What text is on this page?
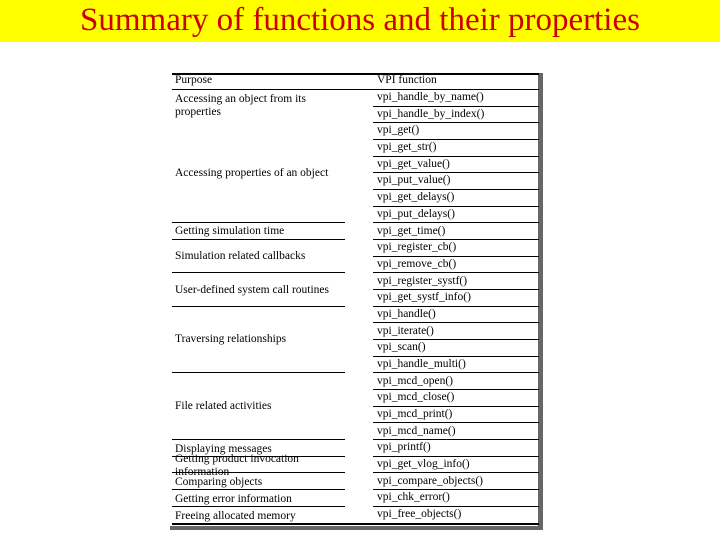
Summary of functions and their properties
Purpose	VPI function
Accessing an object from its properties
Accessing properties of an object
Getting simulation time
Simulation related callbacks
User-defined system call routines
Traversing relationships
File related activities
Displaying messages
Getting product invocation information
Comparing objects
Getting error information
Freeing allocated memory
vpi_handle_by_name()
vpi_handle_by_index()
vpi_get()
vpi_get_str()
vpi_get_value()
vpi_put_value()
vpi_get_delays()
vpi_put_delays()
vpi_get_time()
vpi_register_cb()
vpi_remove_cb()
vpi_register_systf()
vpi_get_systf_info()
vpi_handle()
vpi_iterate()
vpi_scan()
vpi_handle_multi()
vpi_mcd_open()
vpi_mcd_close()
vpi_mcd_print()
vpi_mcd_name()
vpi_printf()
vpi_get_vlog_info()
vpi_compare_objects()
vpi_chk_error()
vpi_free_objects()
